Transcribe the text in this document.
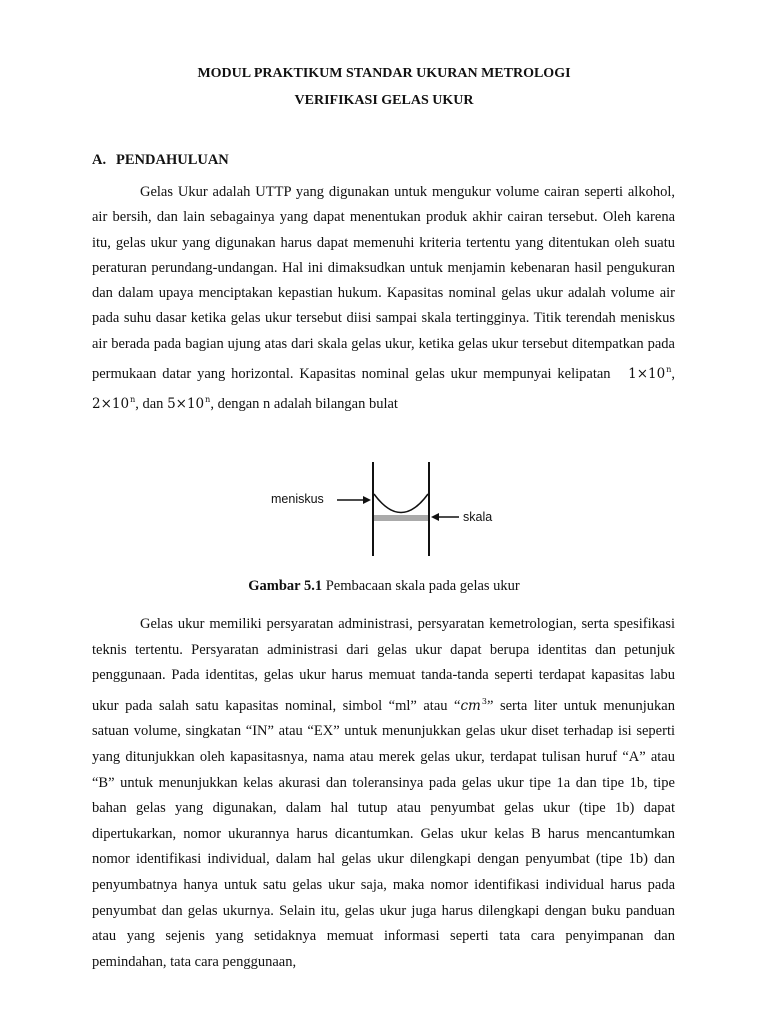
MODUL PRAKTIKUM STANDAR UKURAN METROLOGI
VERIFIKASI GELAS UKUR
A. PENDAHULUAN

Gelas Ukur adalah UTTP yang digunakan untuk mengukur volume cairan seperti alkohol, air bersih, dan lain sebagainya yang dapat menentukan produk akhir cairan tersebut. Oleh karena itu, gelas ukur yang digunakan harus dapat memenuhi kriteria tertentu yang ditentukan oleh suatu peraturan perundang-undangan. Hal ini dimaksudkan untuk menjamin kebenaran hasil pengukuran dan dalam upaya menciptakan kepastian hukum. Kapasitas nominal gelas ukur adalah volume air pada suhu dasar ketika gelas ukur tersebut diisi sampai skala tertingginya. Titik terendah meniskus air berada pada bagian ujung atas dari skala gelas ukur, ketika gelas ukur tersebut ditempatkan pada permukaan datar yang horizontal. Kapasitas nominal gelas ukur mempunyai kelipatan $1\times 10^n$, $2\times 10^n$, dan $5\times 10^n$, dengan n adalah bilangan bulat

meniskus
skala
Gambar 5.1 Pembacaan skala pada gelas ukur

Gelas ukur memiliki persyaratan administrasi, persyaratan kemetrologian, serta spesifikasi teknis tertentu. Persyaratan administrasi dari gelas ukur dapat berupa identitas dan petunjuk penggunaan. Pada identitas, gelas ukur harus memuat tanda-tanda seperti terdapat kapasitas labu ukur pada salah satu kapasitas nominal, simbol “ml” atau “$cm^3$” serta liter untuk menunjukan satuan volume, singkatan “IN” atau “EX” untuk menunjukkan gelas ukur diset terhadap isi seperti yang ditunjukkan oleh kapasitasnya, nama atau merek gelas ukur, terdapat tulisan huruf “A” atau “B” untuk menunjukkan kelas akurasi dan toleransinya pada gelas ukur tipe 1a dan tipe 1b, tipe bahan gelas yang digunakan, dalam hal tutup atau penyumbat gelas ukur (tipe 1b) dapat dipertukarkan, nomor ukurannya harus dicantumkan. Gelas ukur kelas B harus mencantumkan nomor identifikasi individual, dalam hal gelas ukur dilengkapi dengan penyumbat (tipe 1b) dan penyumbatnya hanya untuk satu gelas ukur saja, maka nomor identifikasi individual harus pada penyumbat dan gelas ukurnya. Selain itu, gelas ukur juga harus dilengkapi dengan buku panduan atau yang sejenis yang setidaknya memuat informasi seperti tata cara penyimpanan dan pemindahan, tata cara penggunaan,
